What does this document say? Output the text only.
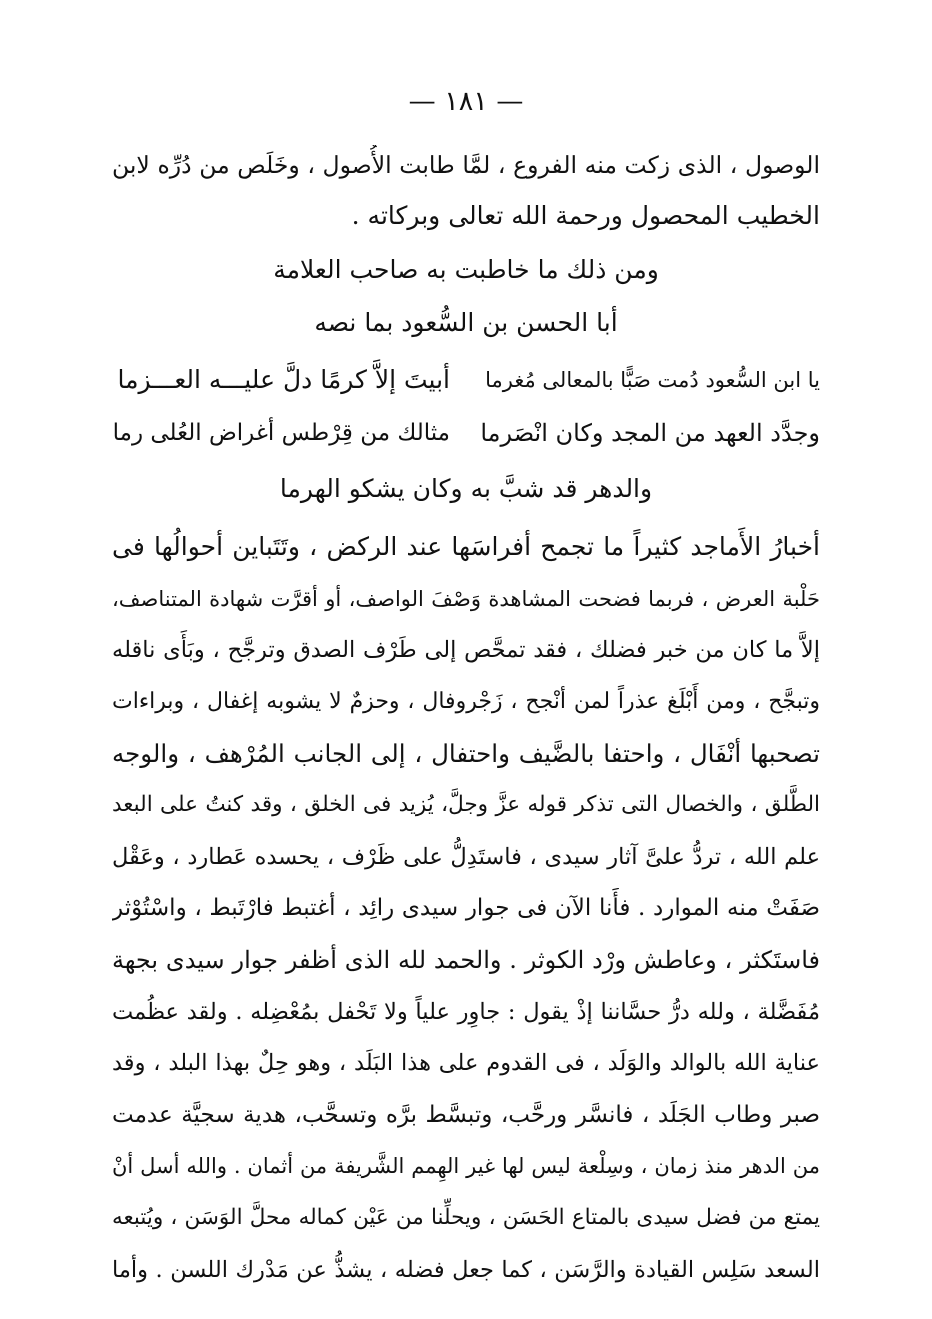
— ١٨١ —
الوصول ، الذى زكت منه الفروع ، لمَّا طابت الأُصول ، وخَلَص من دُرِّه لابن
الخطيب المحصول ورحمة الله تعالى وبركاته .
ومن ذلك ما خاطبت به صاحب العلامة
أبا الحسن بن السُّعود بما نصه
يا ابن السُّعود دُمت صَبًّا بالمعالى مُغرما
أبيتَ إلاَّ كرمًا دلَّ عليـــه العـــزما
وجدَّد العهد من المجد وكان انْصَرما
مثالك من قِرْطس أغراض العُلى رما
والدهر قد شبَّ به وكان يشكو الهرما
أخبارُ الأَماجد كثيراً ما تجمح أفراسَها عند الركض ، وتَتَباين أحوالُها فى
حَلْبة العرض ، فربما فضحت المشاهدة وَصْفَ الواصف، أو أقرَّت شهادة المتناصف،
إلاَّ ما كان من خبر فضلك ، فقد تمحَّص إلى طَرْف الصدق وترجَّح ، وبَأَى ناقله
وتبجَّح ، ومن أَبْلَغ عذراً لمن أنْجح ، زَجْروفال ، وحزمٌ لا يشوبه إغفال ، وبراءات
تصحبها أنْفَال ، واحتفا بالضَّيف واحتفال ، إلى الجانب المُرْهف ، والوجه
الطَّلق ، والخصال التى تذكر قوله عزَّ وجلَّ، يُزيد فى الخلق ، وقد كنتُ على البعد
علم الله ، تردُّ علىَّ آثار سيدى ، فاستَدِلُّ على ظَرْف ، يحسده عَطارد ، وعَقْل
صَفَتْ منه الموارد . فأَنا الآن فى جوار سيدى رائِد ، أغتبط فارْتَبط ، واسْتُوْثر
فاستَكثر ، وعاطش ورْد الكوثر . والحمد لله الذى أظفر جوار سيدى بجهة
مُفَضَّلة ، ولله درُّ حسَّاننا إذْ يقول : جاوِر علياً ولا تَحْفل بمُعْضِله . ولقد عظُمت
عناية الله بالوالد والوَلَد ، فى القدوم على هذا البَلَد ، وهو حِلٌ بهذا البلد ، وقد
صبر وطاب الجَلَد ، فانسَّر ورحَّب، وتبسَّط برَّه وتسحَّب، هدية سجيَّة عدمت
من الدهر منذ زمان ، وسِلْعة ليس لها غير الهِمم الشَّريفة من أثمان . والله أسل أنْ
يمتع من فضل سيدى بالمتاع الحَسَن ، ويحلِّنا من عَيْن كماله محلَّ الوَسَن ، ويُتبعه
السعد سَلِس القيادة والرَّسَن ، كما جعل فضله ، يشذُّ عن مَدْرك اللسن . وأما
